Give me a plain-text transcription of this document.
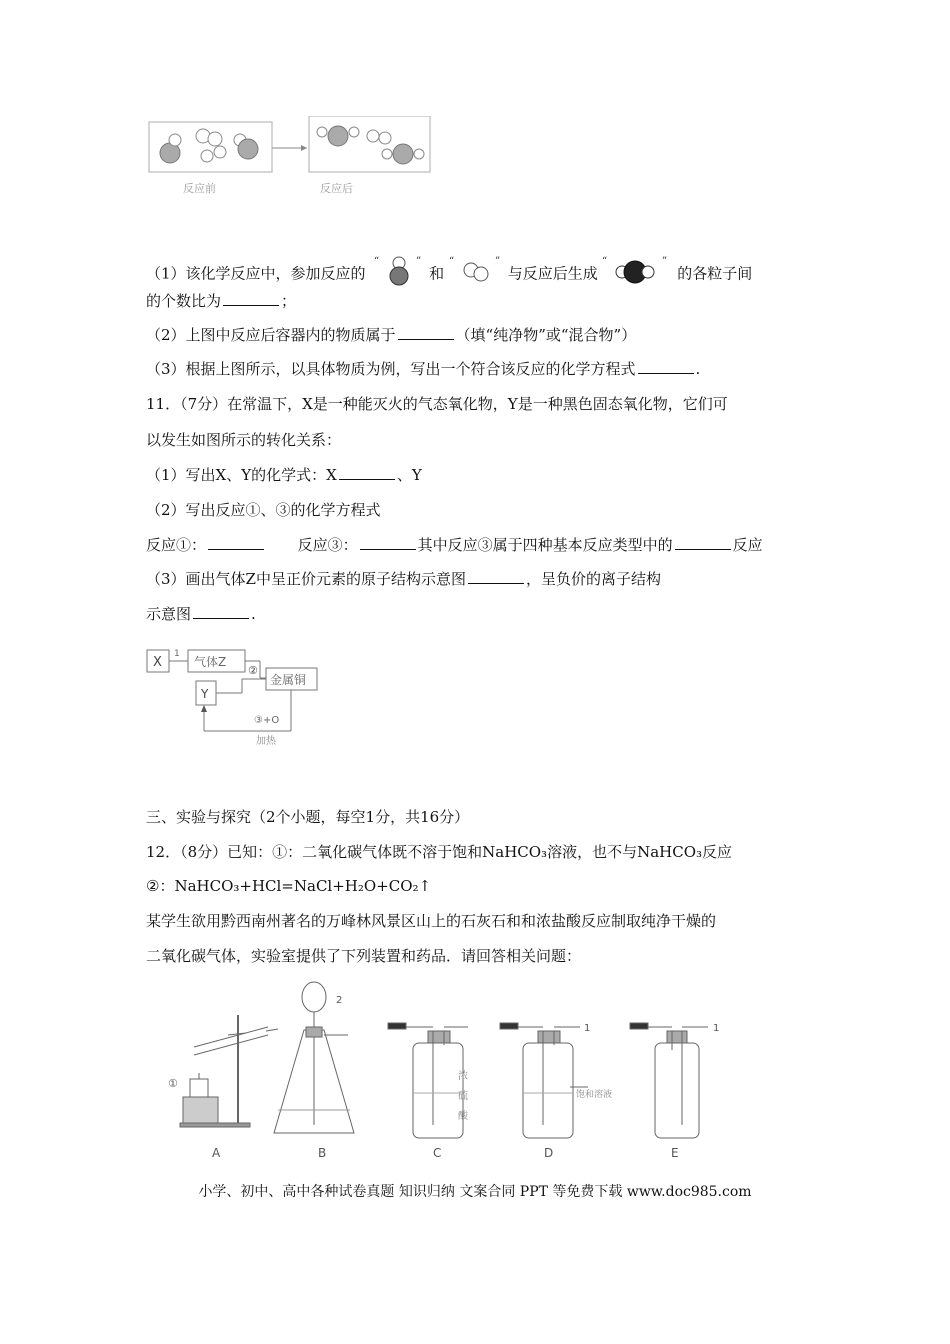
反应前	反应后
（1）该化学反应中，参加反应的
“	”
和
“	”
与反应后生成
“	”
的各粒子间
的个数比为	；
（2）上图中反应后容器内的物质属于	（填“纯净物”或“混合物”）
（3）根据上图所示，以具体物质为例，写出一个符合该反应的化学方程式	.
11．（7分）在常温下，X是一种能灭火的气态氧化物，Y是一种黑色固态氧化物，它们可
以发生如图所示的转化关系：
（1）写出X、Y的化学式：X	、Y
（2）写出反应①、③的化学方程式
反应①：	反应③：	其中反应③属于四种基本反应类型中的	反应
（3）画出气体Z中呈正价元素的原子结构示意图	，呈负价的离子结构
示意图	.
X
1
气体Z
②
金属铜
Y
③+O
加热
三、实验与探究（2个小题，每空1分，共16分）
12．（8分）已知：①：二氧化碳气体既不溶于饱和NaHCO₃溶液，也不与NaHCO₃反应
②：NaHCO₃+HCl=NaCl+H₂O+CO₂↑
某学生欲用黔西南州著名的万峰林风景区山上的石灰石和和浓盐酸反应制取纯净干燥的
二氧化碳气体，实验室提供了下列装置和药品．请回答相关问题：
①
A
2
B
浓
硫
酸
C
1
饱和溶液
D
1
E
小学、初中、高中各种试卷真题 知识归纳 文案合同 PPT 等免费下载 www.doc985.com
